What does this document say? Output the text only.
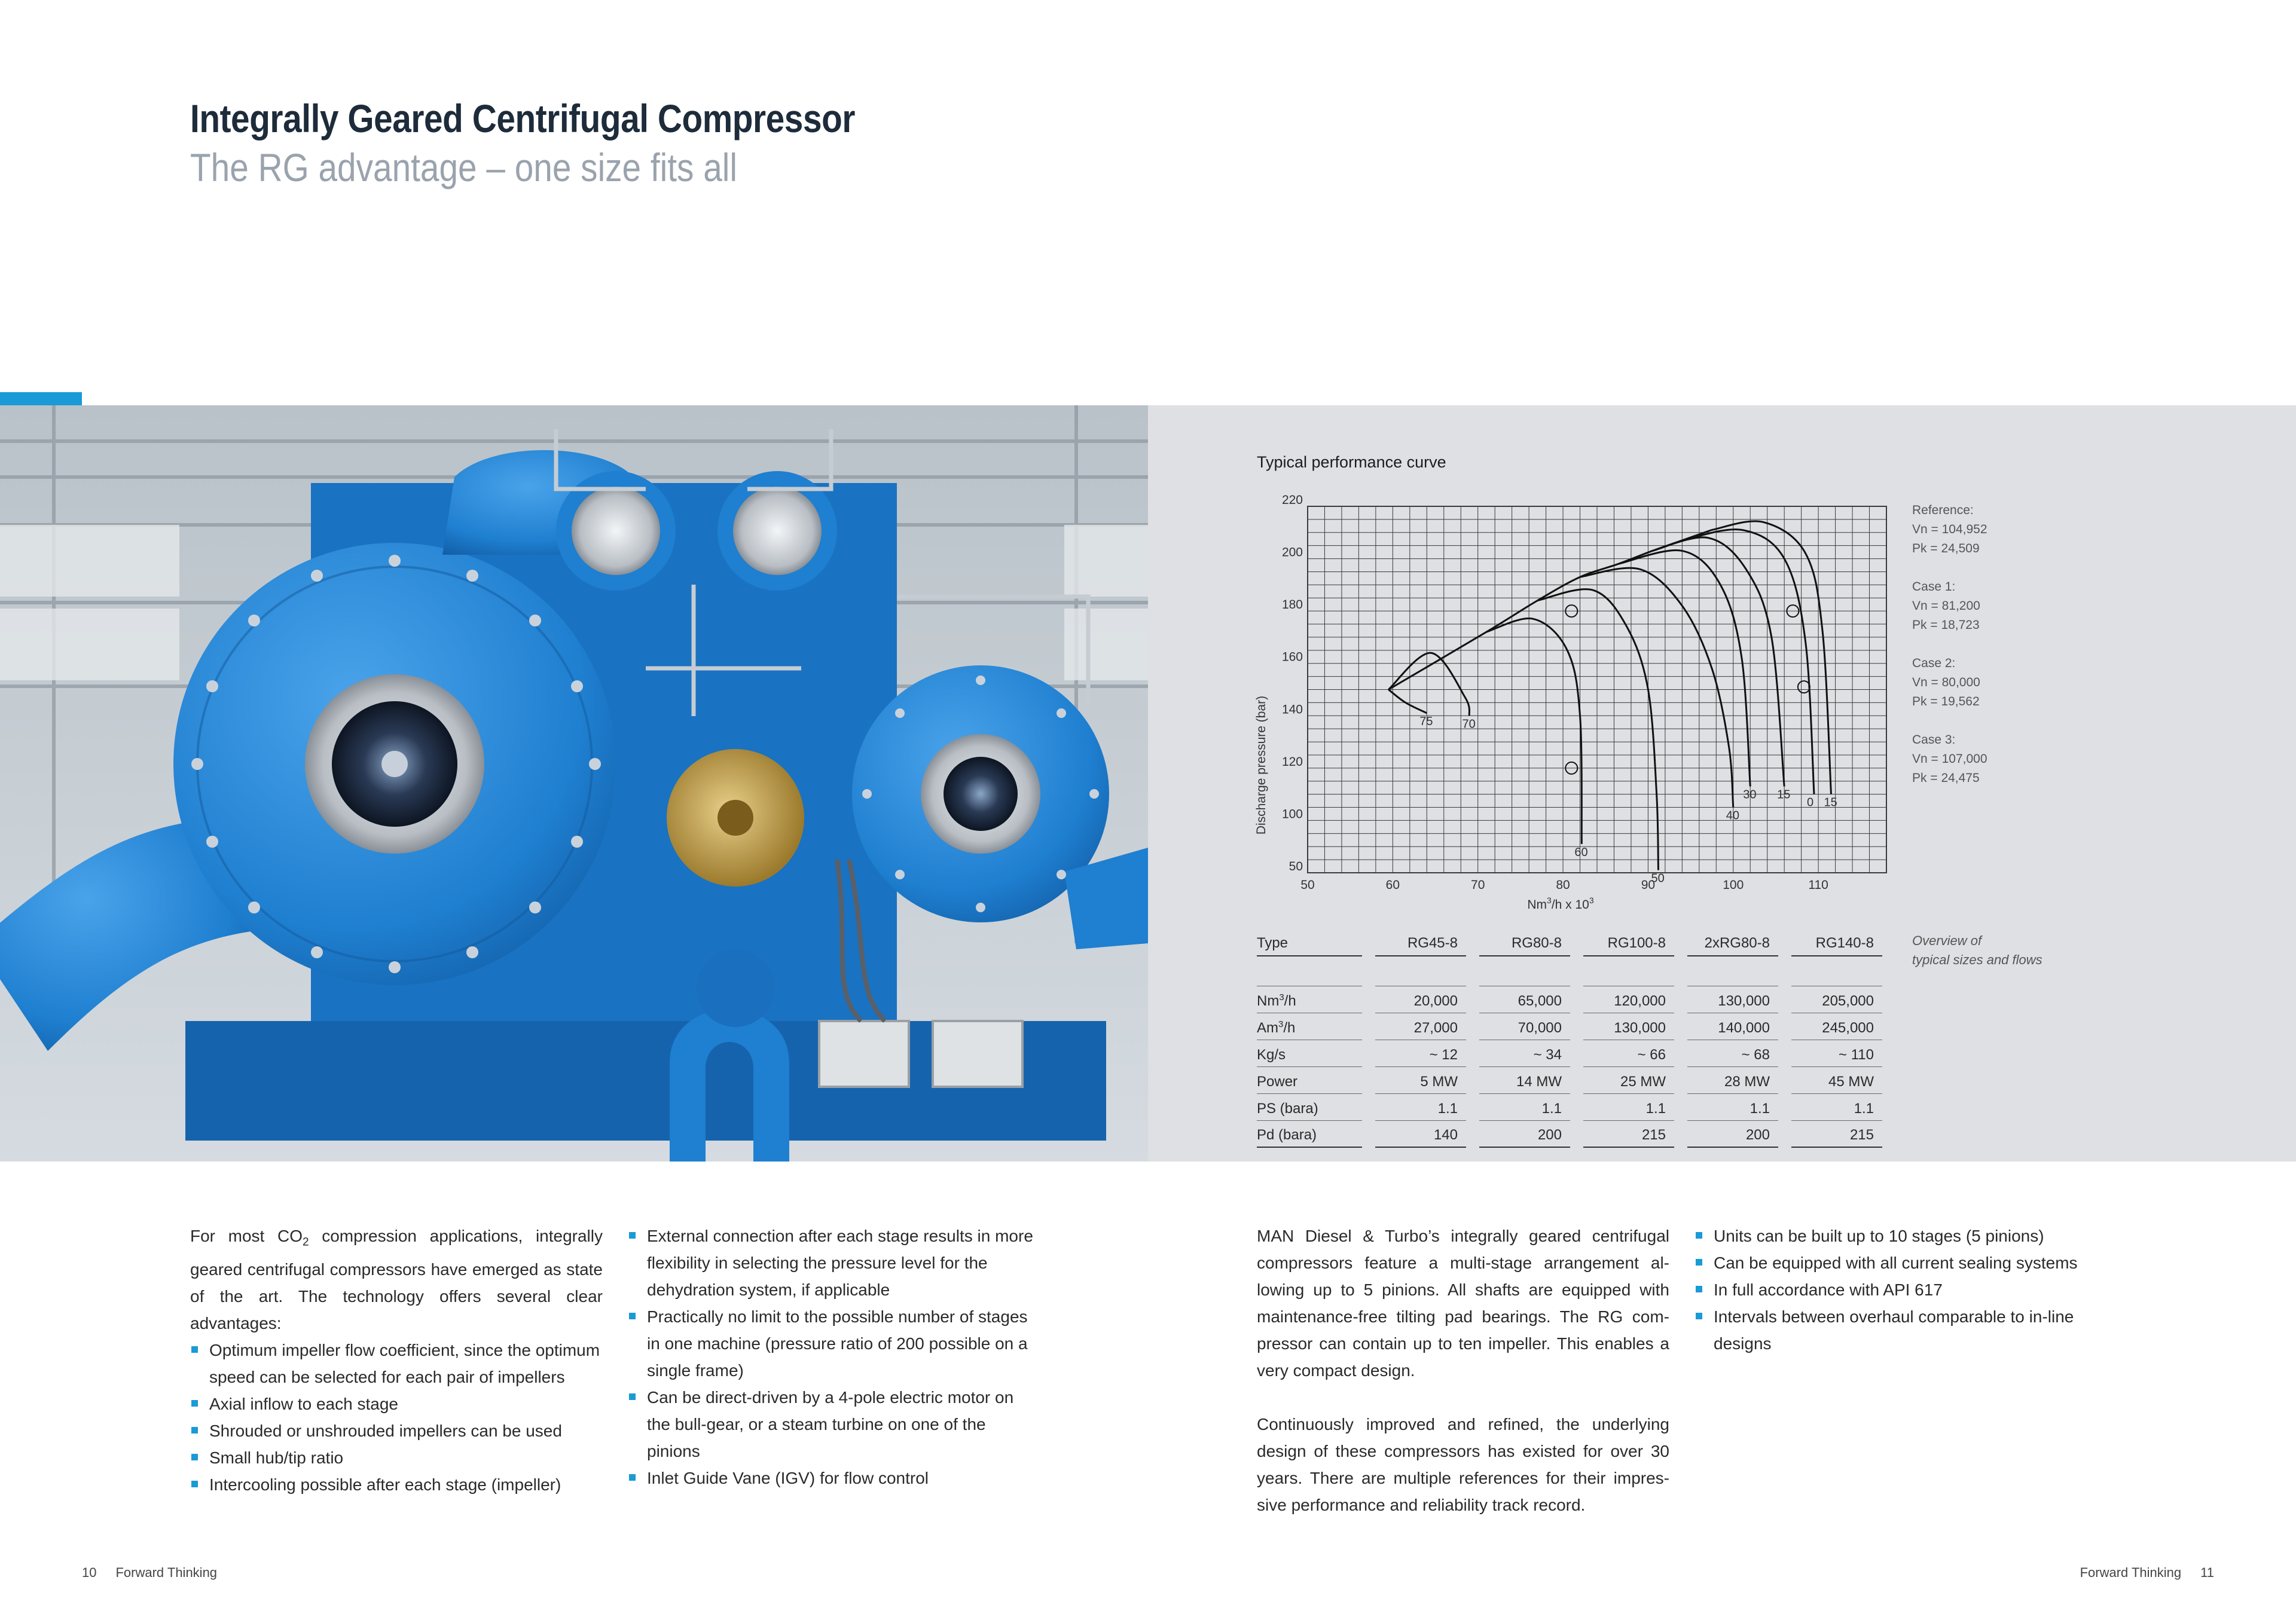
Integrally Geared Centrifugal Compressor
The RG advantage – one size fits all
Typical performance curve
220
200
180
160
140
120
100
50
50	60	70	80	90	100	110
75 70
60
50
40
30 15
0 15
Discharge pressure (bar)
Nm$^3$/h x $10^3$

Reference:

Vn = 104,952

Pk = 24,509

Case 1:

Vn = 81,200

Pk = 18,723

Case 2:

Vn = 80,000

Pk = 19,562

Case 3:

Vn = 107,000

Pk = 24,475

Type		RG45-8		RG80-8		RG100-8		2xRG80-8		RG140-8

Nm$^3$/h		20,000		65,000		120,000		130,000		205,000
Am$^3$/h		27,000		70,000		130,000		140,000		245,000
Kg/s		~ 12		~ 34		~ 66		~ 68		~ 110
Power		5 MW		14 MW		25 MW		28 MW		45 MW
PS (bara)		1.1		1.1		1.1		1.1		1.1
Pd (bara)		140		200		215		200		215
Overview of
typical sizes and flows

For most $CO_2$ compression applications, integrally geared centrifugal compressors have emerged as state of the art. The technology offers several clear advantages:

Optimum impeller flow coefficient, since the optimum speed can be selected for each pair of impellers
Axial inflow to each stage
Shrouded or unshrouded impellers can be used
Small hub/tip ratio
Intercooling possible after each stage (impeller)
External connection after each stage results in more flexibility in selecting the pressure level for the dehydration system, if applicable
Practically no limit to the possible number of stages in one machine (pressure ratio of 200 possible on a single frame)
Can be direct-driven by a 4-pole electric motor on the bull-gear, or a steam turbine on one of the pinions
Inlet Guide Vane (IGV) for flow control

MAN Diesel & Turbo’s integrally geared centrifugal compressors feature a multi-stage arrangement al-lowing up to 5 pinions. All shafts are equipped with maintenance-free tilting pad bearings. The RG com-pressor can contain up to ten impeller. This enables a very compact design.

Continuously improved and refined, the underlying design of these compressors has existed for over 30 years. There are multiple references for their impres-sive performance and reliability track record.

Units can be built up to 10 stages (5 pinions)
Can be equipped with all current sealing systems
In full accordance with API 617
Intervals between overhaul comparable to in-line designs
10 Forward Thinking	Forward Thinking 11
